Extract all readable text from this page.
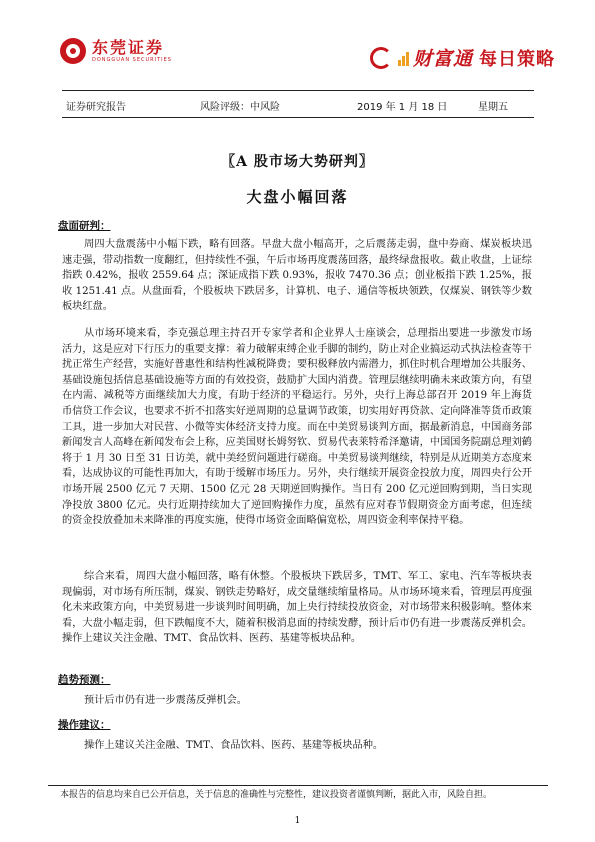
东莞证券
DONGGUAN SECURITIES	财富通 每日策略
证券研究报告	风险评级：中风险	2019 年 1 月 18 日	星期五
〖A 股市场大势研判〗
大盘小幅回落
盘面研判：

周四大盘震荡中小幅下跌，略有回落。早盘大盘小幅高开，之后震荡走弱，盘中券商、煤炭板块迅速走强，带动指数一度翻红，但持续性不强，午后市场再度震荡回落，最终绿盘报收。截止收盘，上证综指跌 0.42%，报收 2559.64 点；深证成指下跌 0.93%，报收 7470.36 点；创业板指下跌 1.25%，报收 1251.41 点。从盘面看，个股板块下跌居多，计算机、电子、通信等板块领跌，仅煤炭、钢铁等少数板块红盘。

从市场环境来看，李克强总理主持召开专家学者和企业界人士座谈会，总理指出要进一步激发市场活力，这是应对下行压力的重要支撑：着力破解束缚企业手脚的制约，防止对企业搞运动式执法检查等干扰正常生产经营，实施好普惠性和结构性减税降费；要积极释放内需潜力，抓住时机合理增加公共服务、基础设施包括信息基础设施等方面的有效投资，鼓励扩大国内消费。管理层继续明确未来政策方向，有望在内需、减税等方面继续加大力度，有助于经济的平稳运行。另外，央行上海总部召开 2019 年上海货币信贷工作会议，也要求不折不扣落实好逆周期的总量调节政策，切实用好再贷款、定向降准等货币政策工具，进一步加大对民营、小微等实体经济支持力度。而在中美贸易谈判方面，据最新消息，中国商务部新闻发言人高峰在新闻发布会上称，应美国财长姆努钦、贸易代表莱特希泽邀请，中国国务院副总理刘鹤将于 1 月 30 日至 31 日访美，就中美经贸问题进行磋商。中美贸易谈判继续，特别是从近期美方态度来看，达成协议的可能性再加大，有助于缓解市场压力。另外，央行继续开展资金投放力度，周四央行公开市场开展 2500 亿元 7 天期、1500 亿元 28 天期逆回购操作。当日有 200 亿元逆回购到期，当日实现净投放 3800 亿元。央行近期持续加大了逆回购操作力度，虽然有应对春节假期资金方面考虑，但连续的资金投放叠加未来降准的再度实施，使得市场资金面略偏宽松，周四资金利率保持平稳。

综合来看，周四大盘小幅回落，略有休整。个股板块下跌居多，TMT、军工、家电、汽车等板块表现偏弱，对市场有所压制，煤炭、钢铁走势略好，成交量继续缩量格局。从市场环境来看，管理层再度强化未来政策方向，中美贸易进一步谈判时间明确，加上央行持续投放资金，对市场带来积极影响。整体来看，大盘小幅走弱，但下跌幅度不大，随着积极消息面的持续发酵，预计后市仍有进一步震荡反弹机会。操作上建议关注金融、TMT、食品饮料、医药、基建等板块品种。

趋势预测：

预计后市仍有进一步震荡反弹机会。

操作建议：

操作上建议关注金融、TMT、食品饮料、医药、基建等板块品种。

本报告的信息均来自已公开信息，关于信息的准确性与完整性，建议投资者谨慎判断，据此入市，风险自担。
1
